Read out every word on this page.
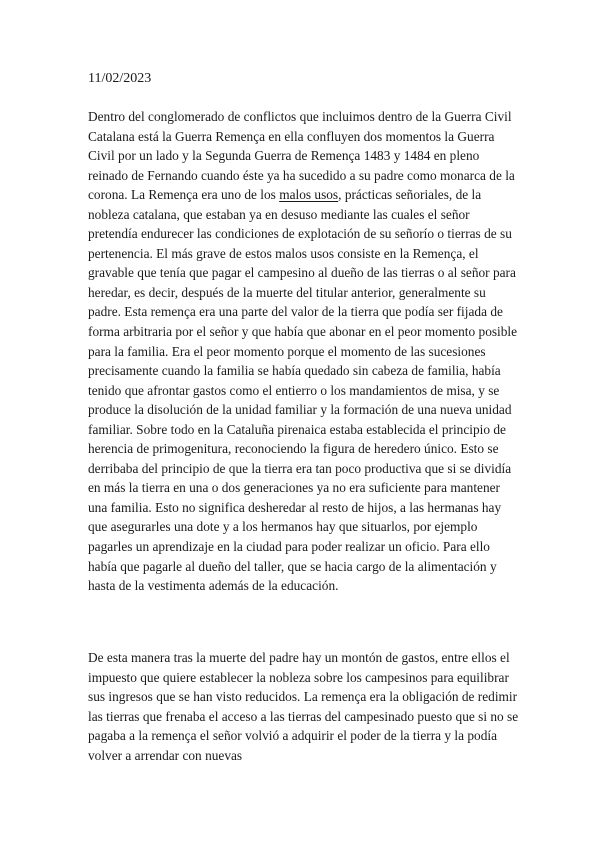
11/02/2023

Dentro del conglomerado de conflictos que incluimos dentro de la Guerra Civil Catalana está la Guerra Remença en ella confluyen dos momentos la Guerra Civil por un lado y la Segunda Guerra de Remença 1483 y 1484 en pleno reinado de Fernando cuando éste ya ha sucedido a su padre como monarca de la corona. La Remença era uno de los malos usos, prácticas señoriales, de la nobleza catalana, que estaban ya en desuso mediante las cuales el señor pretendía endurecer las condiciones de explotación de su señorío o tierras de su pertenencia. El más grave de estos malos usos consiste en la Remença, el gravable que tenía que pagar el campesino al dueño de las tierras o al señor para heredar, es decir, después de la muerte del titular anterior, generalmente su padre. Esta remença era una parte del valor de la tierra que podía ser fijada de forma arbitraria por el señor y que había que abonar en el peor momento posible para la familia. Era el peor momento porque el momento de las sucesiones precisamente cuando la familia se había quedado sin cabeza de familia, había tenido que afrontar gastos como el entierro o los mandamientos de misa, y se produce la disolución de la unidad familiar y la formación de una nueva unidad familiar. Sobre todo en la Cataluña pirenaica estaba establecida el principio de herencia de primogenitura, reconociendo la figura de heredero único. Esto se derribaba del principio de que la tierra era tan poco productiva que si se dividía en más la tierra en una o dos generaciones ya no era suficiente para mantener una familia. Esto no significa desheredar al resto de hijos, a las hermanas hay que asegurarles una dote y a los hermanos hay que situarlos, por ejemplo pagarles un aprendizaje en la ciudad para poder realizar un oficio. Para ello había que pagarle al dueño del taller, que se hacia cargo de la alimentación y hasta de la vestimenta además de la educación.

De esta manera tras la muerte del padre hay un montón de gastos, entre ellos el impuesto que quiere establecer la nobleza sobre los campesinos para equilibrar sus ingresos que se han visto reducidos. La remença era la obligación de redimir las tierras que frenaba el acceso a las tierras del campesinado puesto que si no se pagaba a la remença el señor volvió a adquirir el poder de la tierra y la podía volver a arrendar con nuevas
